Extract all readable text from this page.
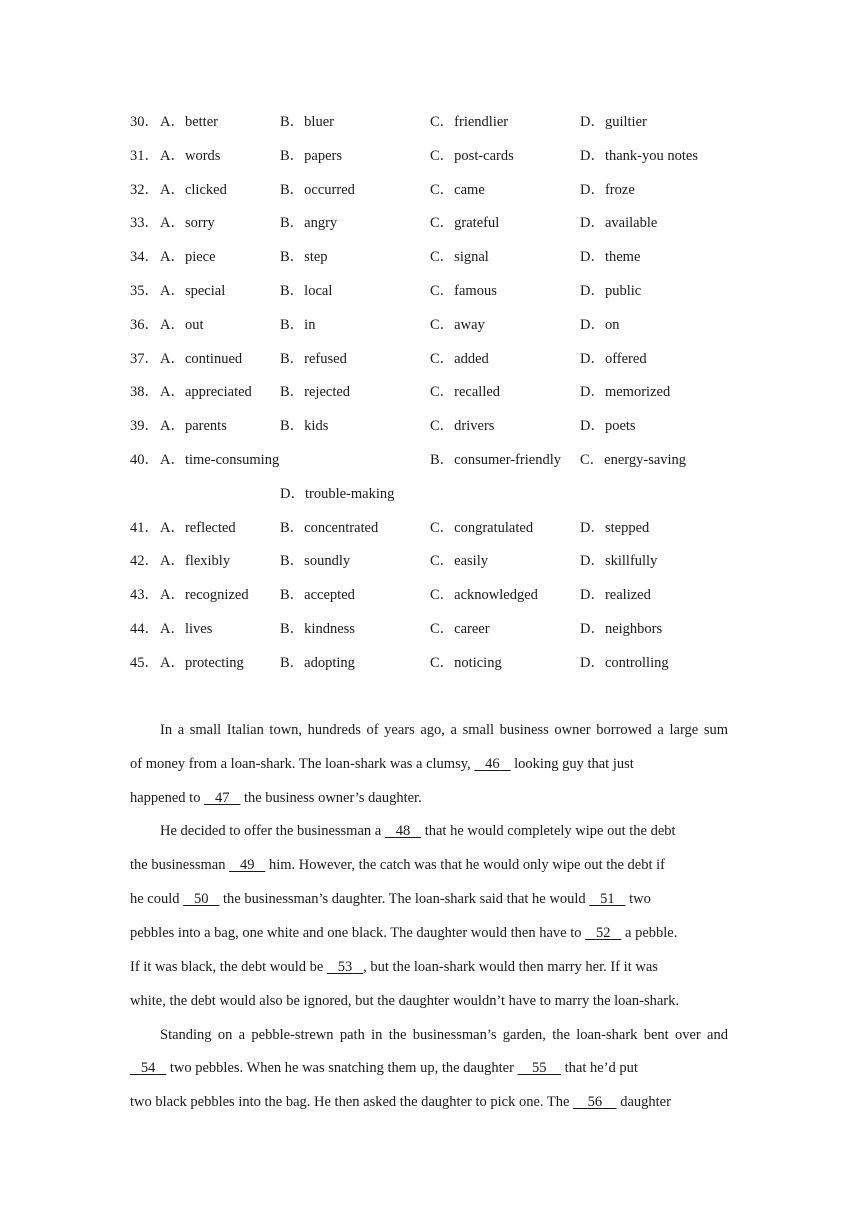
30． A．better	B．bluer	C．friendlier	D．guiltier
31． A．words	B．papers	C．post-cards	D．thank-you notes
32． A．clicked	B．occurred	C．came	D．froze
33． A．sorry	B．angry	C．grateful	D．available
34． A．piece	B．step	C．signal	D．theme
35． A．special	B．local	C．famous	D．public
36． A．out	B．in	C．away	D．on
37． A．continued	B．refused	C．added	D．offered
38． A．appreciated B．rejected	C．recalled	D．memorized
39． A．parents	B．kids	C．drivers	D．poets
40． A．time-consuming	B．consumer-friendly C．energy-saving
D．trouble-making
41． A．reflected	B．concentrated	C．congratulated	D．stepped
42． A．flexibly	B．soundly	C．easily	D．skillfully
43． A．recognized B．accepted	C．acknowledged	D．realized
44． A．lives	B．kindness	C．career	D．neighbors
45． A．protecting B．adopting	C．noticing	D．controlling
In a small Italian town, hundreds of years ago, a small business owner borrowed a large sum
of money from a loan-shark. The loan-shark was a clumsy,    46    looking guy that just
happened to    47    the business owner’s daughter.
He decided to offer the businessman a    48    that he would completely wipe out the debt
the businessman    49    him. However, the catch was that he would only wipe out the debt if
he could    50    the businessman’s daughter. The loan-shark said that he would    51    two
pebbles into a bag, one white and one black. The daughter would then have to    52    a pebble.
If it was black, the debt would be    53 , but the loan-shark would then marry her. If it was
white, the debt would also be ignored, but the daughter wouldn’t have to marry the loan-shark.
Standing on a pebble-strewn path in the businessman’s garden, the loan-shark bent over and
54    two pebbles. When he was snatching them up, the daughter     55     that he’d put
two black pebbles into the bag. He then asked the daughter to pick one. The     56     daughter
